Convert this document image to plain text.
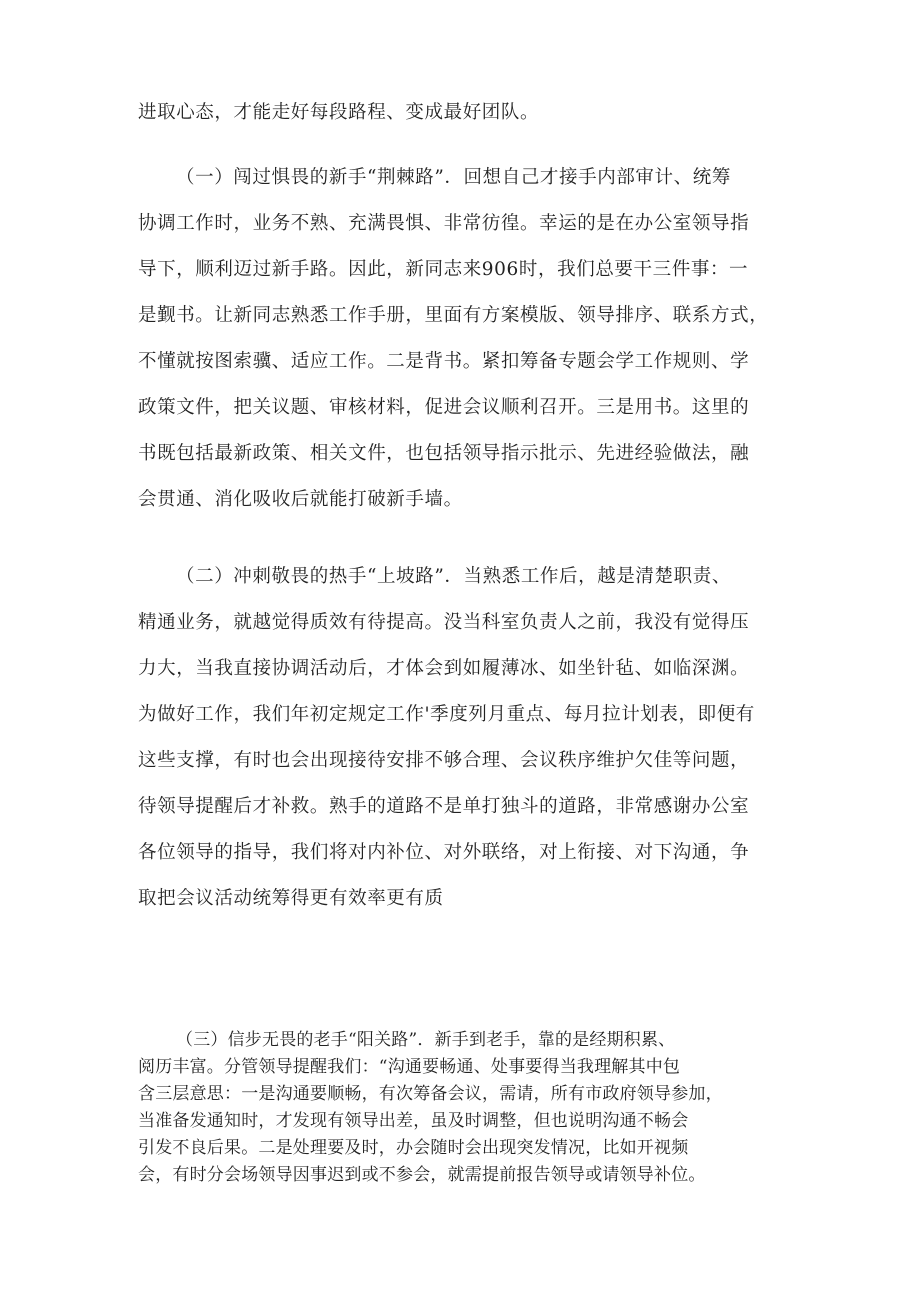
进取心态，才能走好每段路程、变成最好团队。
（一）闯过惧畏的新手“荆棘路”．回想自己才接手内部审计、统筹
协调工作时，业务不熟、充满畏惧、非常彷徨。幸运的是在办公室领导指
导下，顺利迈过新手路。因此，新同志来906时，我们总要干三件事：一
是觐书。让新同志熟悉工作手册，里面有方案模版、领导排序、联系方式，
不懂就按图索骥、适应工作。二是背书。紧扣筹备专题会学工作规则、学
政策文件，把关议题、审核材料，促进会议顺利召开。三是用书。这里的
书既包括最新政策、相关文件，也包括领导指示批示、先进经验做法，融
会贯通、消化吸收后就能打破新手墙。
（二）冲刺敬畏的热手“上坡路”．当熟悉工作后，越是清楚职责、
精通业务，就越觉得质效有待提高。没当科室负责人之前，我没有觉得压
力大，当我直接协调活动后，才体会到如履薄冰、如坐针毡、如临深渊。
为做好工作，我们年初定规定工作'季度列月重点、每月拉计划表，即便有
这些支撑，有时也会出现接待安排不够合理、会议秩序维护欠佳等问题，
待领导提醒后才补救。熟手的道路不是单打独斗的道路，非常感谢办公室
各位领导的指导，我们将对内补位、对外联络，对上衔接、对下沟通，争
取把会议活动统筹得更有效率更有质
（三）信步无畏的老手“阳关路”．新手到老手，靠的是经期积累、
阅历丰富。分管领导提醒我们：“沟通要畅通、处事要得当我理解其中包
含三层意思：一是沟通要顺畅，有次筹备会议，需请，所有市政府领导参加，
当准备发通知时，才发现有领导出差，虽及时调整，但也说明沟通不畅会
引发不良后果。二是处理要及时，办会随时会出现突发情况，比如开视频
会，有时分会场领导因事迟到或不参会，就需提前报告领导或请领导补位。
